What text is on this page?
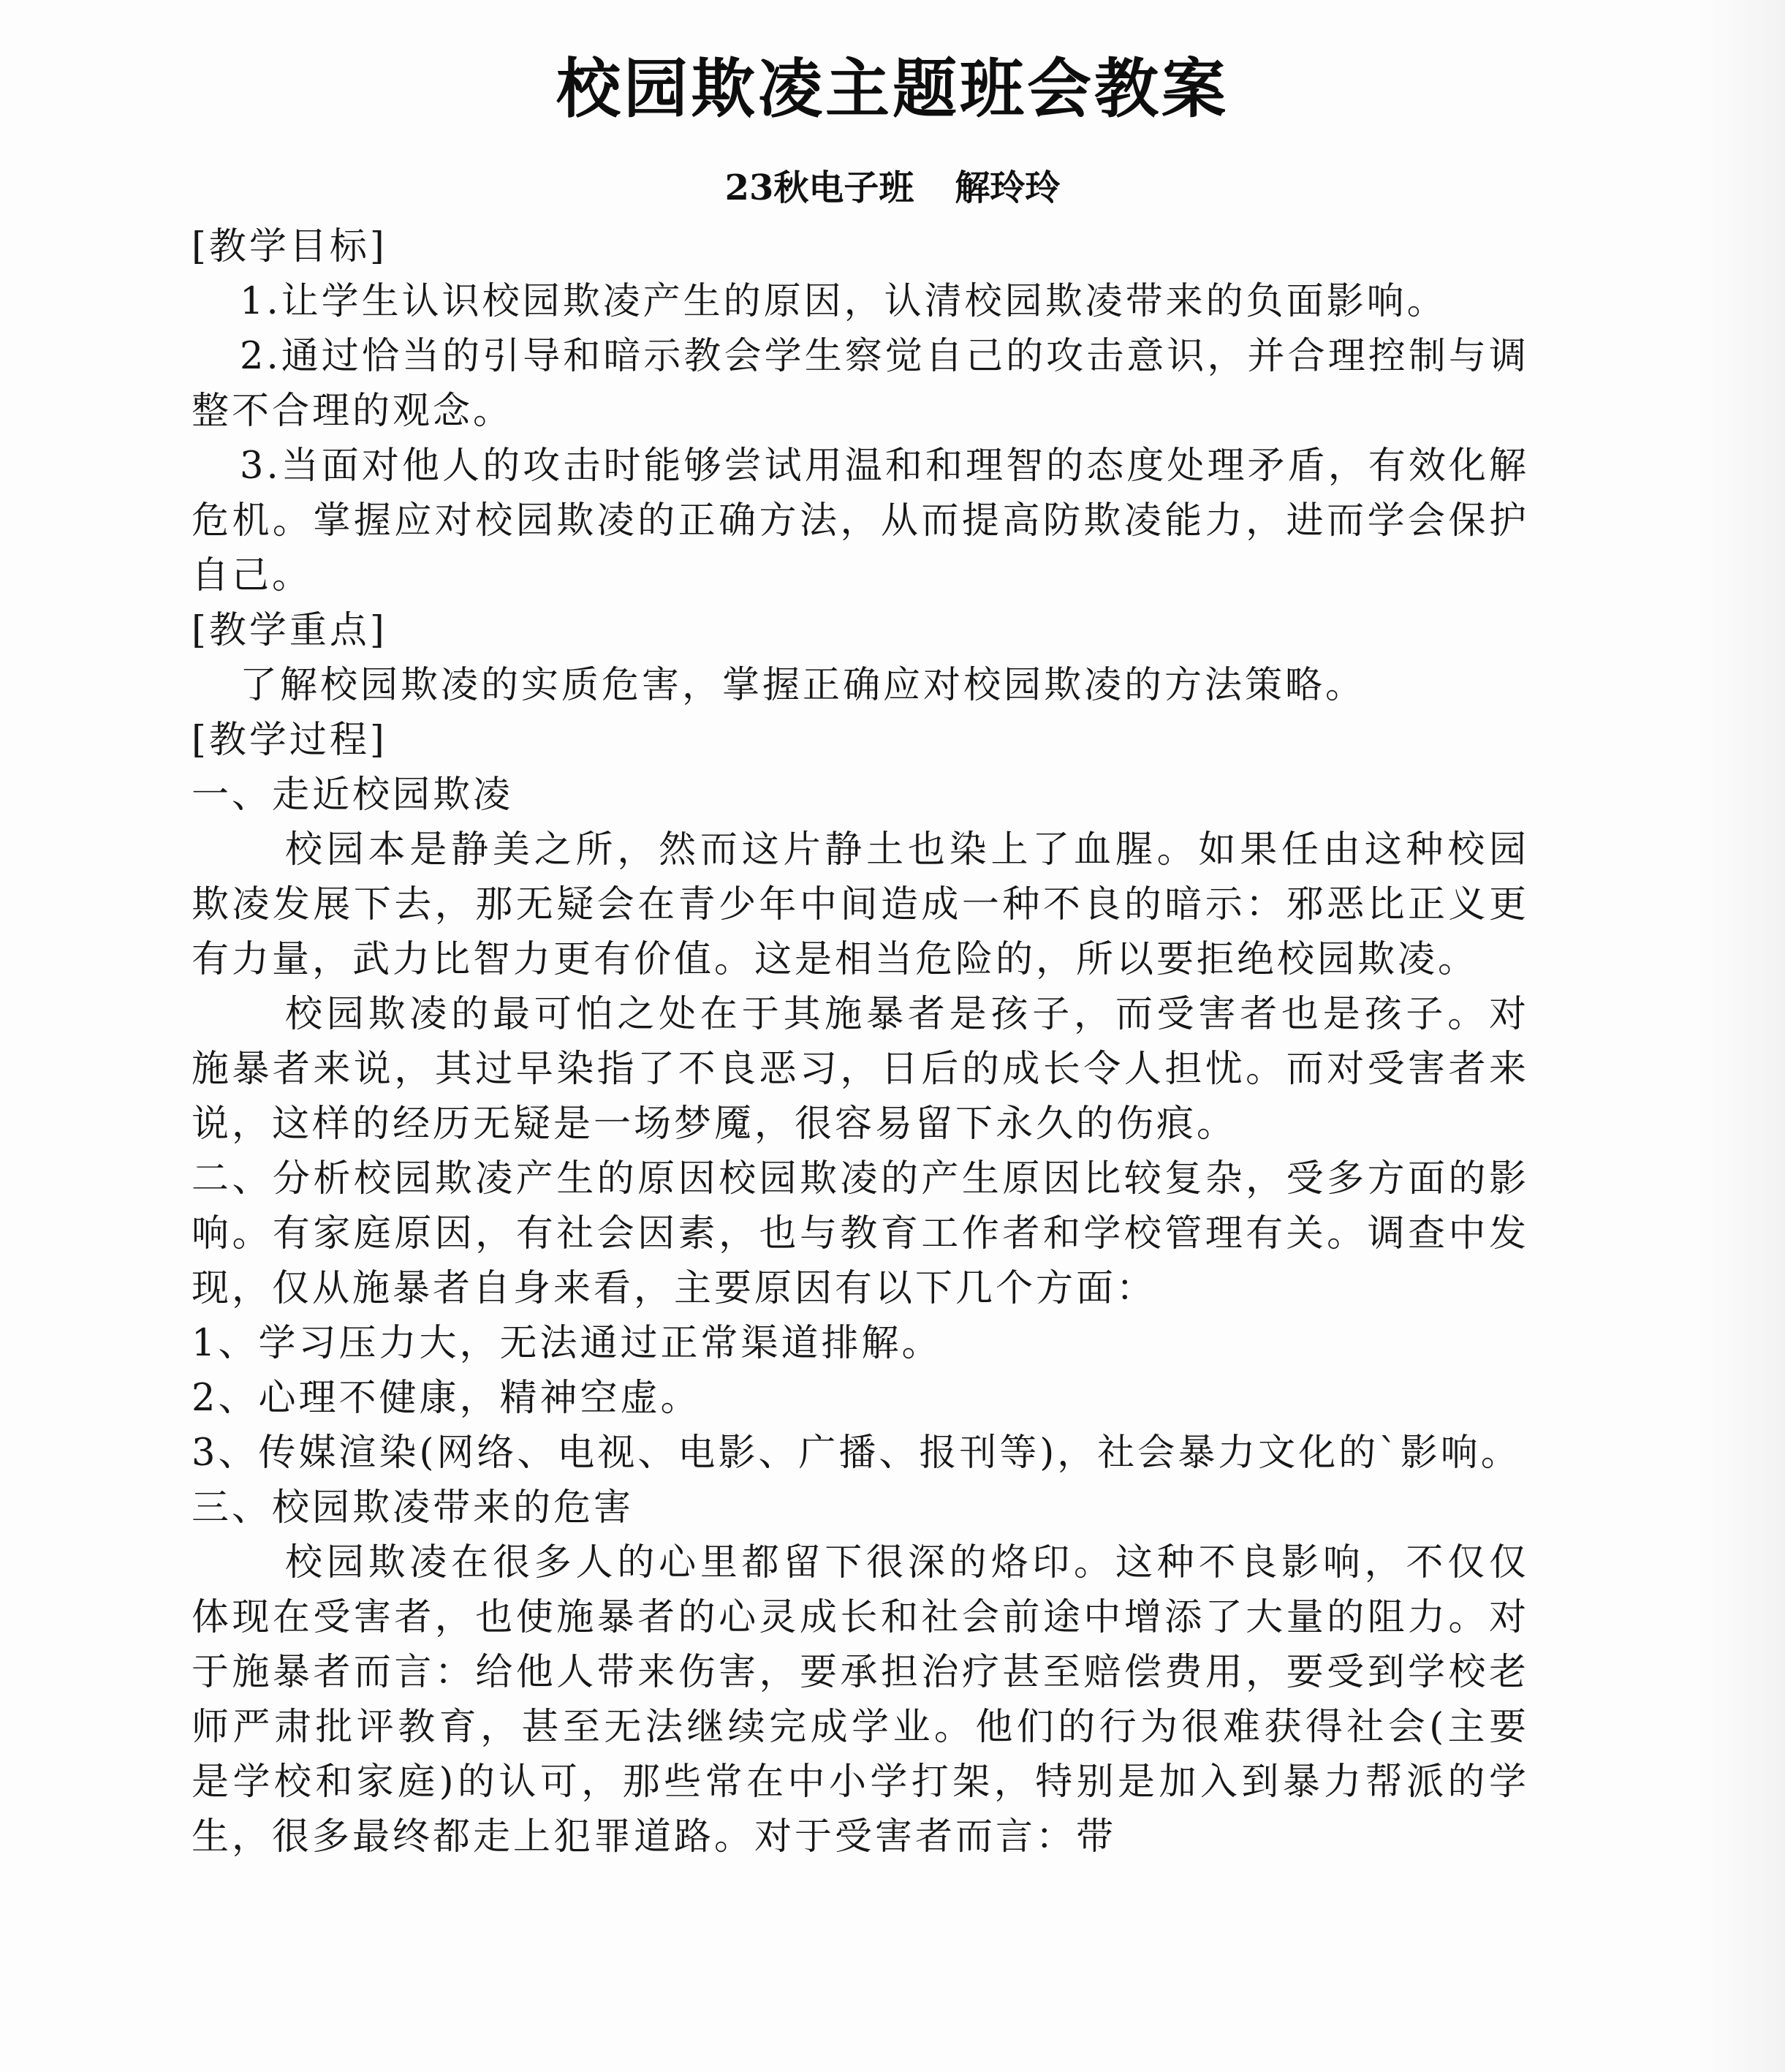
校园欺凌主题班会教案
23秋电子班 解玲玲

[教学目标]

1.让学生认识校园欺凌产生的原因，认清校园欺凌带来的负面影响。

2.通过恰当的引导和暗示教会学生察觉自己的攻击意识，并合理控制与调整不合理的观念。

3.当面对他人的攻击时能够尝试用温和和理智的态度处理矛盾，有效化解危机。掌握应对校园欺凌的正确方法，从而提高防欺凌能力，进而学会保护自己。

[教学重点]

了解校园欺凌的实质危害，掌握正确应对校园欺凌的方法策略。

[教学过程]

一、走近校园欺凌

校园本是静美之所，然而这片静土也染上了血腥。如果任由这种校园欺凌发展下去，那无疑会在青少年中间造成一种不良的暗示：邪恶比正义更有力量，武力比智力更有价值。这是相当危险的，所以要拒绝校园欺凌。

校园欺凌的最可怕之处在于其施暴者是孩子，而受害者也是孩子。对施暴者来说，其过早染指了不良恶习，日后的成长令人担忧。而对受害者来说，这样的经历无疑是一场梦魇，很容易留下永久的伤痕。

二、分析校园欺凌产生的原因校园欺凌的产生原因比较复杂，受多方面的影响。有家庭原因，有社会因素，也与教育工作者和学校管理有关。调查中发现，仅从施暴者自身来看，主要原因有以下几个方面：

1、学习压力大，无法通过正常渠道排解。

2、心理不健康，精神空虚。

3、传媒渲染(网络、电视、电影、广播、报刊等)，社会暴力文化的`影响。

三、校园欺凌带来的危害

校园欺凌在很多人的心里都留下很深的烙印。这种不良影响，不仅仅体现在受害者，也使施暴者的心灵成长和社会前途中增添了大量的阻力。对于施暴者而言：给他人带来伤害，要承担治疗甚至赔偿费用，要受到学校老师严肃批评教育，甚至无法继续完成学业。他们的行为很难获得社会(主要是学校和家庭)的认可，那些常在中小学打架，特别是加入到暴力帮派的学生，很多最终都走上犯罪道路。对于受害者而言：带
